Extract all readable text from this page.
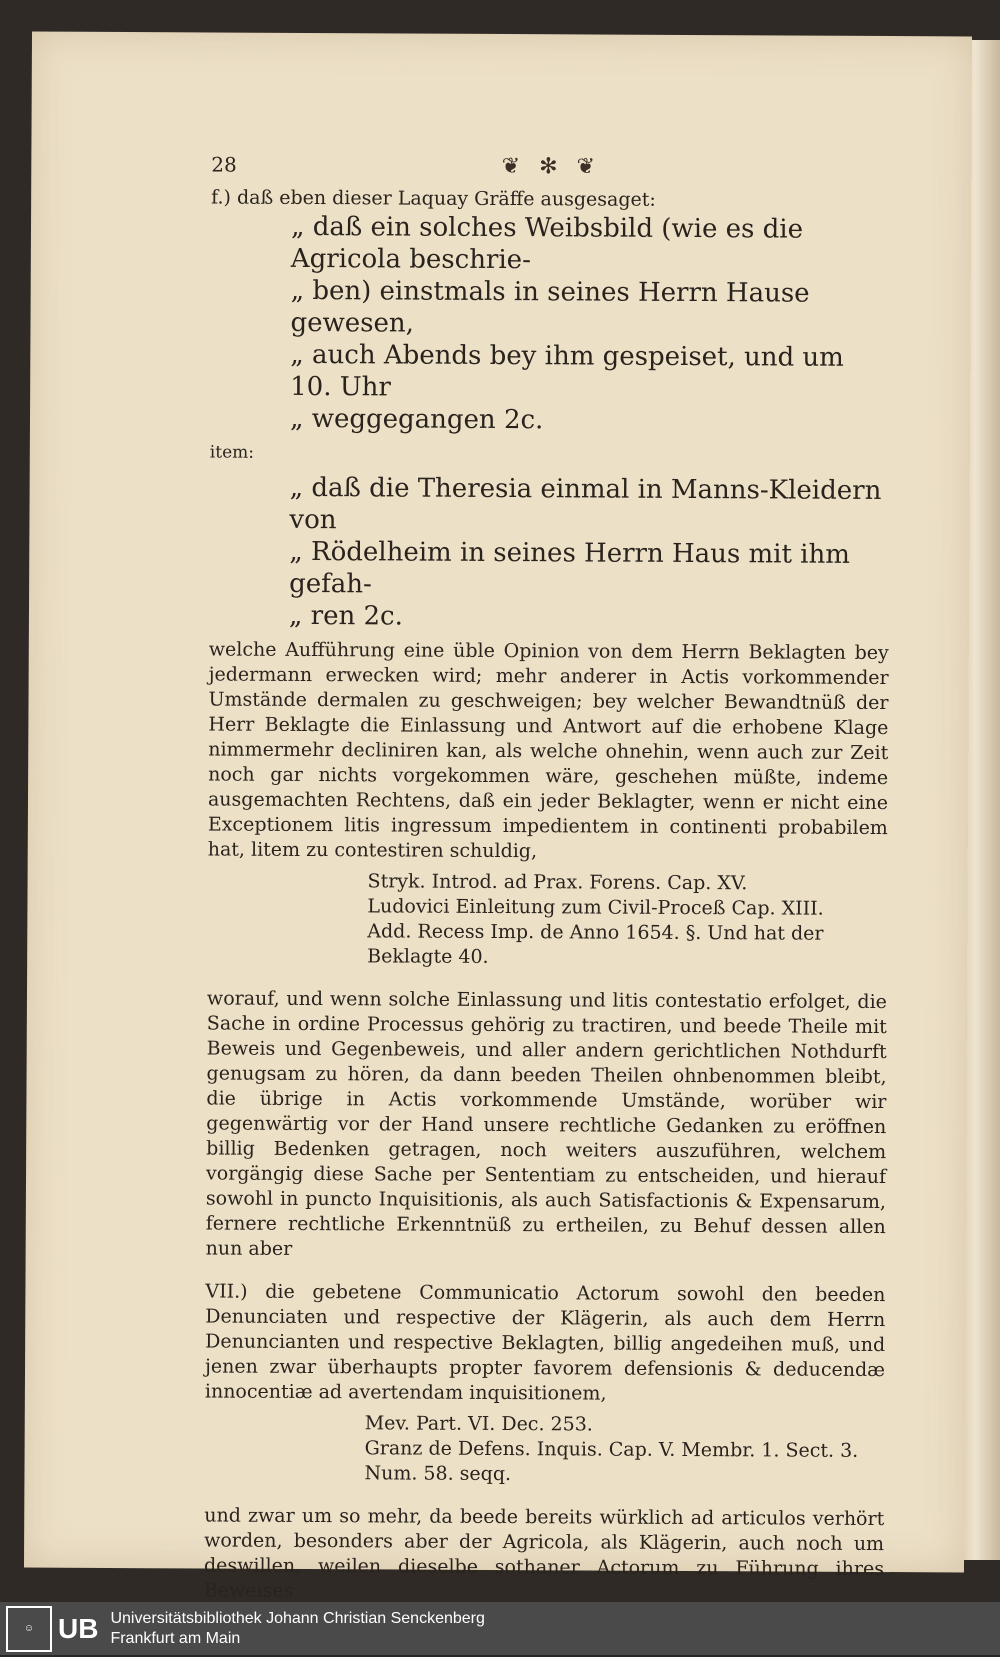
28	❦ ✻ ❦

f.) daß eben dieser Laquay Gräffe ausgesaget:

„ daß ein solches Weibsbild (wie es die Agricola beschrie-

„ ben) einstmals in seines Herrn Hause gewesen,

„ auch Abends bey ihm gespeiset, und um 10. Uhr

„ weggegangen 2c.

item:

„ daß die Theresia einmal in Manns-Kleidern von

„ Rödelheim in seines Herrn Haus mit ihm gefah-

„ ren 2c.

welche Aufführung eine üble Opinion von dem Herrn Beklagten bey jedermann erwecken wird; mehr anderer in Actis vorkommender Umstände dermalen zu geschweigen; bey welcher Bewandtnüß der Herr Beklagte die Einlassung und Antwort auf die erhobene Klage nimmermehr decliniren kan, als welche ohnehin, wenn auch zur Zeit noch gar nichts vorgekommen wäre, geschehen müßte, indeme ausgemachten Rechtens, daß ein jeder Beklagter, wenn er nicht eine Exceptionem litis ingressum impedientem in continenti probabilem hat, litem zu contestiren schuldig,

Stryk. Introd. ad Prax. Forens. Cap. XV.

Ludovici Einleitung zum Civil-Proceß Cap. XIII.

Add. Recess Imp. de Anno 1654. §. Und hat der Beklagte 40.

worauf, und wenn solche Einlassung und litis contestatio erfolget, die Sache in ordine Processus gehörig zu tractiren, und beede Theile mit Beweis und Gegenbeweis, und aller andern gerichtlichen Nothdurft genugsam zu hören, da dann beeden Theilen ohnbenommen bleibt, die übrige in Actis vorkommende Umstände, worüber wir gegenwärtig vor der Hand unsere rechtliche Gedanken zu eröffnen billig Bedenken getragen, noch weiters auszuführen, welchem vorgängig diese Sache per Sententiam zu entscheiden, und hierauf sowohl in puncto Inquisitionis, als auch Satisfactionis & Expensarum, fernere rechtliche Erkenntnüß zu ertheilen, zu Behuf dessen allen nun aber

VII.) die gebetene Communicatio Actorum sowohl den beeden Denunciaten und respective der Klägerin, als auch dem Herrn Denuncianten und respective Beklagten, billig angedeihen muß, und jenen zwar überhaupts propter favorem defensionis & deducendæ innocentiæ ad avertendam inquisitionem,

Mev. Part. VI. Dec. 253.

Granz de Defens. Inquis. Cap. V. Membr. 1. Sect. 3. Num. 58. seqq.

und zwar um so mehr, da beede bereits würklich ad articulos verhört worden, besonders aber der Agricola, als Klägerin, auch noch um deswillen, weilen dieselbe sothaner Actorum zu Führung ihres Beweises

☺ UB Universitätsbibliothek Johann Christian Senckenberg
Frankfurt am Main
